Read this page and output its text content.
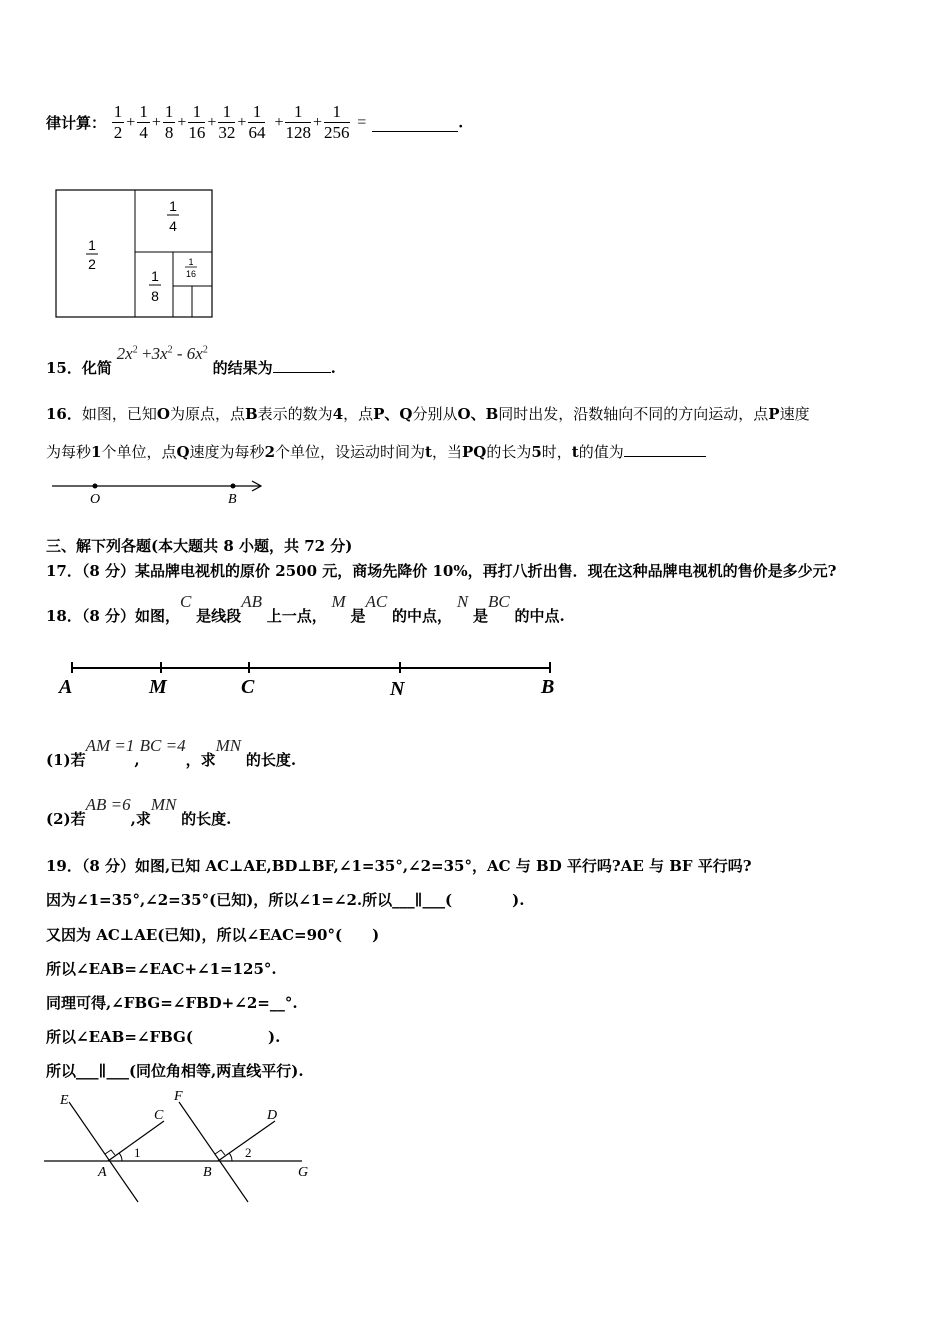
律计算： $\frac{1}{2} + \frac{1}{4} + \frac{1}{8} + \frac{1}{16} + \frac{1}{32} + \frac{1}{64} + \frac{1}{128} + \frac{1}{256}$ =	.
1
2
1
4
1
8
1
16
15．化简 $2x^2 +3x^2 - 6x^2$ 的结果为	.
16．如图，已知O为原点，点B表示的数为4，点P、Q分别从O、B同时出发，沿数轴向不同的方向运动，点P速度
为每秒1个单位，点Q速度为每秒2个单位，设运动时间为t，当PQ的长为5时，t的值为
O	B
三、解下列各题(本大题共 8 小题，共 72 分)
17．（8 分）某品牌电视机的原价 2500 元，商场先降价 10%，再打八折出售．现在这种品牌电视机的售价是多少元?
18．（8 分）如图，C 是线段AB 上一点， M 是AC 的中点， N 是BC 的中点.
A	M	C	N	B
(1)若AM =1,BC =4，求MN 的长度.
(2)若AB =6,求MN 的长度.
19．（8 分）如图,已知 AC⊥AE,BD⊥BF,∠1=35°,∠2=35°，AC 与 BD 平行吗?AE 与 BF 平行吗?
因为∠1=35°,∠2=35°(已知)，所以∠1=∠2.所以___∥___(　　　　).
又因为 AC⊥AE(已知)，所以∠EAC=90°(　　)
所以∠EAB=∠EAC+∠1=125°.
同理可得,∠FBG=∠FBD+∠2=__°.
所以∠EAB=∠FBG(　　　　　).
所以___∥___(同位角相等,两直线平行).
E
C
1
A
F
D
2
B	G
